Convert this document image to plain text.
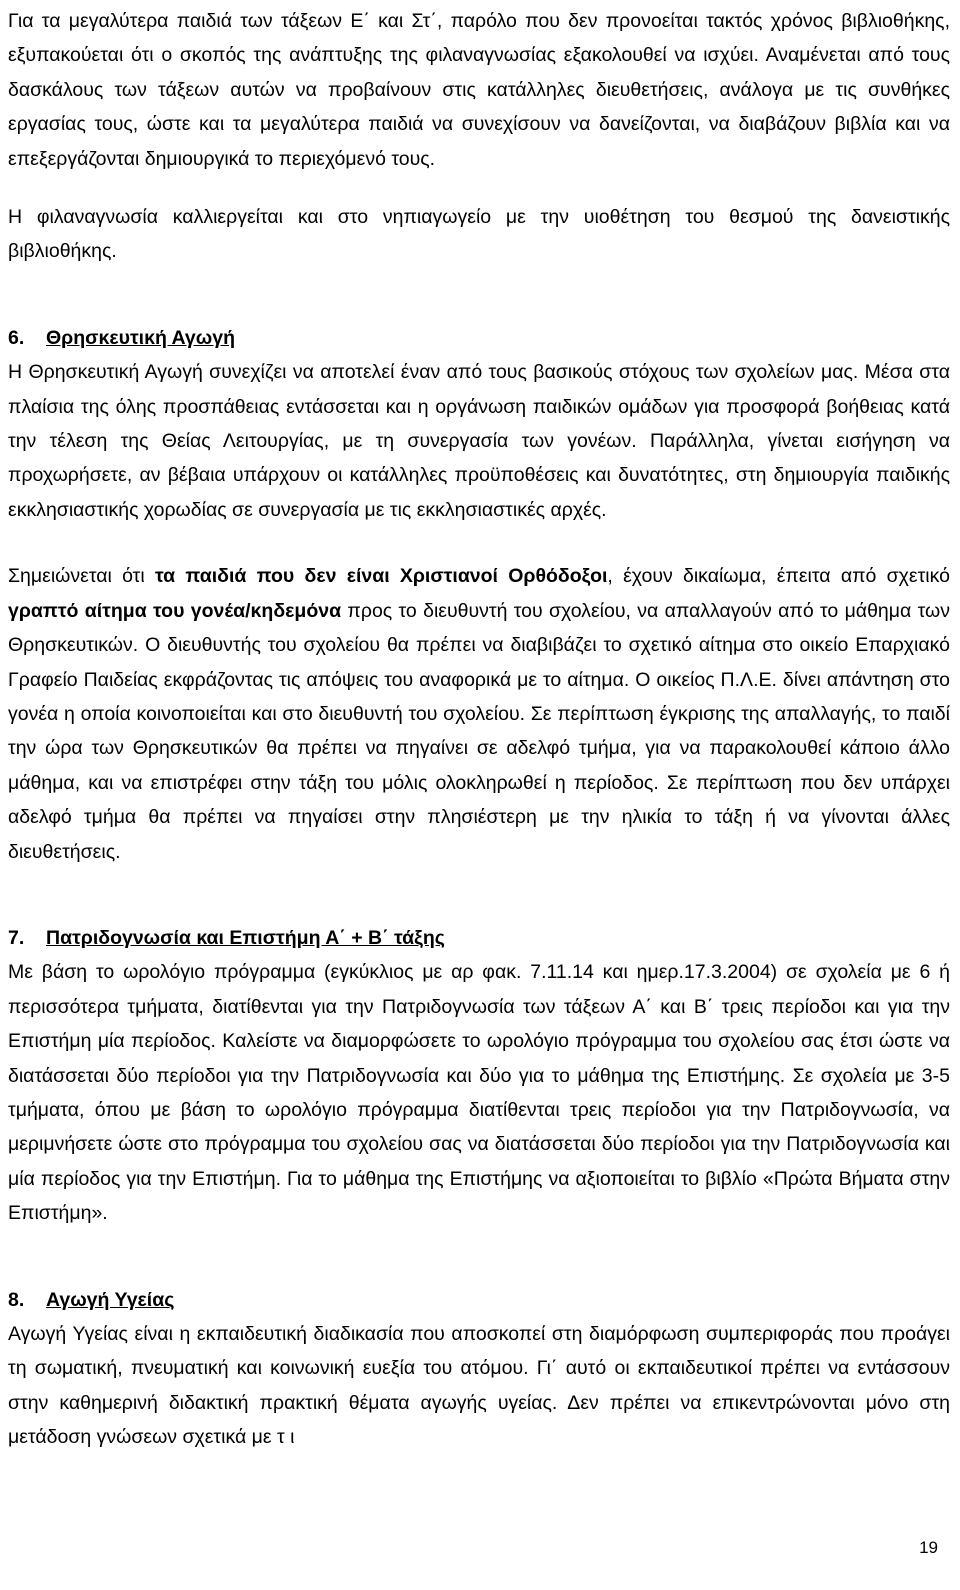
Για τα μεγαλύτερα παιδιά των τάξεων Ε΄ και Στ΄, παρόλο που δεν προνοείται τακτός χρόνος βιβλιοθήκης, εξυπακούεται ότι ο σκοπός της ανάπτυξης της φιλαναγνωσίας εξακολουθεί να ισχύει. Αναμένεται από τους δασκάλους των τάξεων αυτών να προβαίνουν στις κατάλληλες διευθετήσεις, ανάλογα με τις συνθήκες εργασίας τους, ώστε και τα μεγαλύτερα παιδιά να συνεχίσουν να δανείζονται, να διαβάζουν βιβλία και να επεξεργάζονται δημιουργικά το περιεχόμενό τους.

Η φιλαναγνωσία καλλιεργείται και στο νηπιαγωγείο με την υιοθέτηση του θεσμού της δανειστικής βιβλιοθήκης.

6. Θρησκευτική Αγωγή

Η Θρησκευτική Αγωγή συνεχίζει να αποτελεί έναν από τους βασικούς στόχους των σχολείων μας. Μέσα στα πλαίσια της όλης προσπάθειας εντάσσεται και η οργάνωση παιδικών ομάδων για προσφορά βοήθειας κατά την τέλεση της Θείας Λειτουργίας, με τη συνεργασία των γονέων. Παράλληλα, γίνεται εισήγηση να προχωρήσετε, αν βέβαια υπάρχουν οι κατάλληλες προϋποθέσεις και δυνατότητες, στη δημιουργία παιδικής εκκλησιαστικής χορωδίας σε συνεργασία με τις εκκλησιαστικές αρχές.

Σημειώνεται ότι τα παιδιά που δεν είναι Χριστιανοί Ορθόδοξοι, έχουν δικαίωμα, έπειτα από σχετικό γραπτό αίτημα του γονέα/κηδεμόνα προς το διευθυντή του σχολείου, να απαλλαγούν από το μάθημα των Θρησκευτικών. Ο διευθυντής του σχολείου θα πρέπει να διαβιβάζει το σχετικό αίτημα στο οικείο Επαρχιακό Γραφείο Παιδείας εκφράζοντας τις απόψεις του αναφορικά με το αίτημα. Ο οικείος Π.Λ.Ε. δίνει απάντηση στο γονέα η οποία κοινοποιείται και στο διευθυντή του σχολείου. Σε περίπτωση έγκρισης της απαλλαγής, το παιδί την ώρα των Θρησκευτικών θα πρέπει να πηγαίνει σε αδελφό τμήμα, για να παρακολουθεί κάποιο άλλο μάθημα, και να επιστρέφει στην τάξη του μόλις ολοκληρωθεί η περίοδος. Σε περίπτωση που δεν υπάρχει αδελφό τμήμα θα πρέπει να πηγαίσει στην πλησιέστερη με την ηλικία το τάξη ή να γίνονται άλλες διευθετήσεις.

7. Πατριδογνωσία και Επιστήμη Α΄ + Β΄ τάξης

Με βάση το ωρολόγιο πρόγραμμα (εγκύκλιος με αρ φακ. 7.11.14 και ημερ.17.3.2004) σε σχολεία με 6 ή περισσότερα τμήματα, διατίθενται για την Πατριδογνωσία των τάξεων Α΄ και Β΄ τρεις περίοδοι και για την Επιστήμη μία περίοδος. Καλείστε να διαμορφώσετε το ωρολόγιο πρόγραμμα του σχολείου σας έτσι ώστε να διατάσσεται δύο περίοδοι για την Πατριδογνωσία και δύο για το μάθημα της Επιστήμης. Σε σχολεία με 3-5 τμήματα, όπου με βάση το ωρολόγιο πρόγραμμα διατίθενται τρεις περίοδοι για την Πατριδογνωσία, να μεριμνήσετε ώστε στο πρόγραμμα του σχολείου σας να διατάσσεται δύο περίοδοι για την Πατριδογνωσία και μία περίοδος για την Επιστήμη. Για το μάθημα της Επιστήμης να αξιοποιείται το βιβλίο «Πρώτα Βήματα στην Επιστήμη».

8. Αγωγή Υγείας

Αγωγή Υγείας είναι η εκπαιδευτική διαδικασία που αποσκοπεί στη διαμόρφωση συμπεριφοράς που προάγει τη σωματική, πνευματική και κοινωνική ευεξία του ατόμου. Γι΄ αυτό οι εκπαιδευτικοί πρέπει να εντάσσουν στην καθημερινή διδακτική πρακτική θέματα αγωγής υγείας. Δεν πρέπει να επικεντρώνονται μόνο στη μετάδοση γνώσεων σχετικά με τ ι

19
